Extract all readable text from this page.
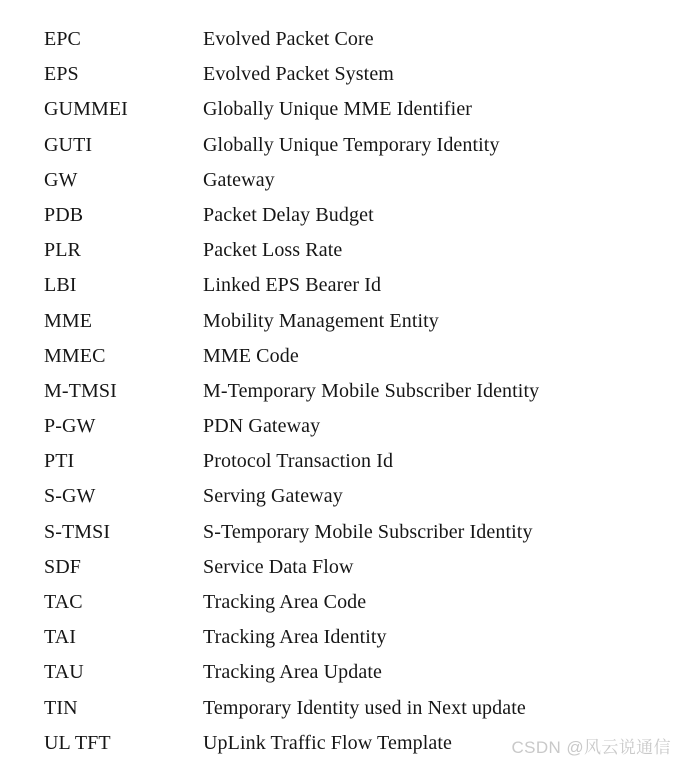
EPC	Evolved Packet Core
EPS	Evolved Packet System
GUMMEI	Globally Unique MME Identifier
GUTI	Globally Unique Temporary Identity
GW	Gateway
PDB	Packet Delay Budget
PLR	Packet Loss Rate
LBI	Linked EPS Bearer Id
MME	Mobility Management Entity
MMEC	MME Code
M-TMSI	M-Temporary Mobile Subscriber Identity
P-GW	PDN Gateway
PTI	Protocol Transaction Id
S-GW	Serving Gateway
S-TMSI	S-Temporary Mobile Subscriber Identity
SDF	Service Data Flow
TAC	Tracking Area Code
TAI	Tracking Area Identity
TAU	Tracking Area Update
TIN	Temporary Identity used in Next update
UL TFT	UpLink Traffic Flow Template	CSDN @风云说通信
